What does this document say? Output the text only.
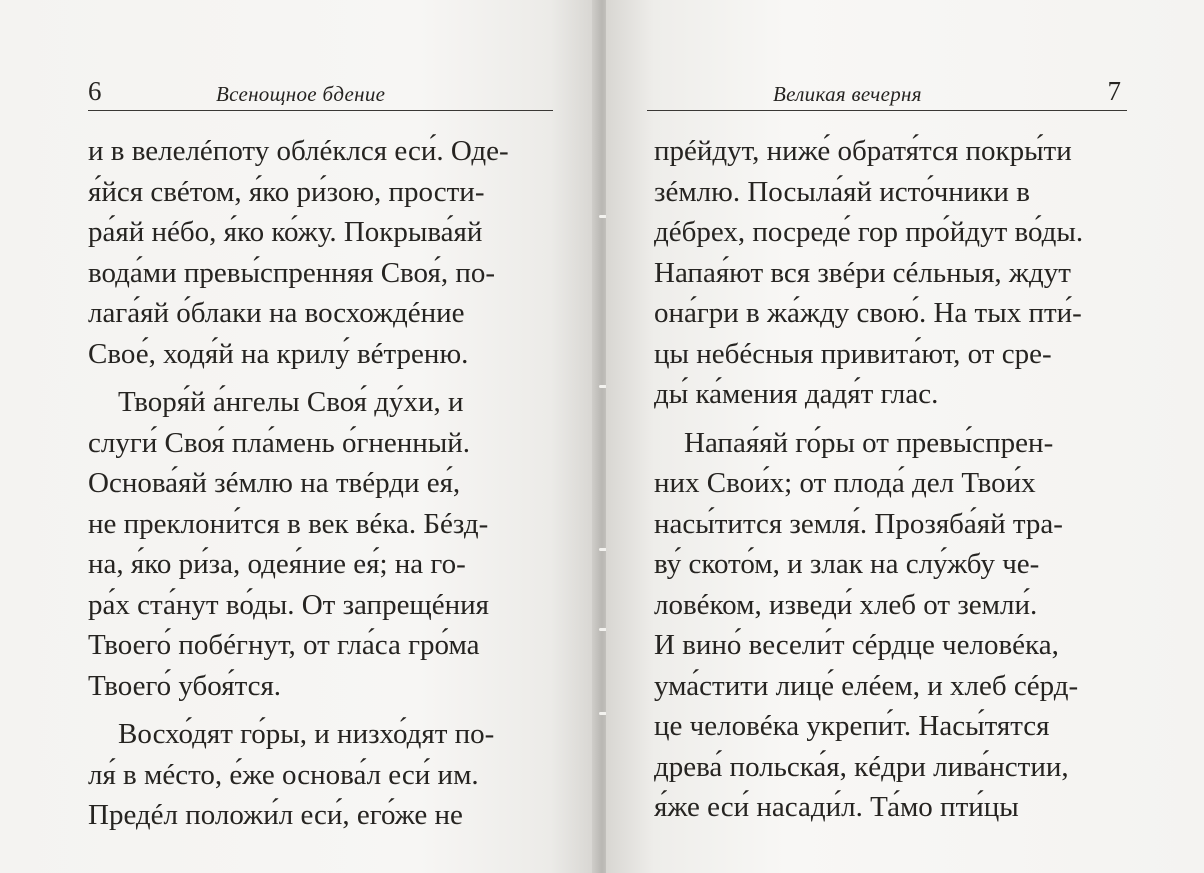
6	Всенощное бдение
и в велелéпоту облéклся еси́. Оде-
я́йся свéтом, я́ко ри́зою, прости-
ра́яй нéбо, я́ко ко́жу. Покрыва́яй
вода́ми превы́спренняя Своя́, по-
лага́яй о́блаки на восхождéние
Свое́, ходя́й на крилу́ вéтреню.
Творя́й а́нгелы Своя́ ду́хи, и
слуги́ Своя́ пла́мень о́гненный.
Основа́яй зéмлю на твéрди ея́,
не преклони́тся в век вéка. Бéзд-
на, я́ко ри́за, одея́ние ея́; на го-
ра́х ста́нут во́ды. От запрещéния
Твоего́ побéгнут, от гла́са гро́ма
Твоего́ убоя́тся.
Восхо́дят го́ры, и низхо́дят по-
ля́ в мéсто, е́же основа́л еси́ им.
Предéл положи́л еси́, его́же не
Великая вечерня	7
прéйдут, ниже́ обратя́тся покры́ти
зéмлю. Посыла́яй исто́чники в
дéбрех, посреде́ гор про́йдут во́ды.
Напая́ют вся звéри сéльныя, ждут
она́гри в жа́жду свою́. На тых пти́-
цы небéсныя привита́ют, от сре-
ды́ ка́мения дадя́т глас.
Напая́яй го́ры от превы́спрен-
них Свои́х; от плода́ дел Твои́х
насы́тится земля́. Прозяба́яй тра-
ву́ ското́м, и злак на слу́жбу че-
ловéком, изведи́ хлеб от земли́.
И вино́ весели́т сéрдце человéка,
ума́стити лице́ елéем, и хлеб сéрд-
це человéка укрепи́т. Насы́тятся
древа́ польска́я, кéдри лива́нстии,
я́же еси́ насади́л. Та́мо пти́цы
